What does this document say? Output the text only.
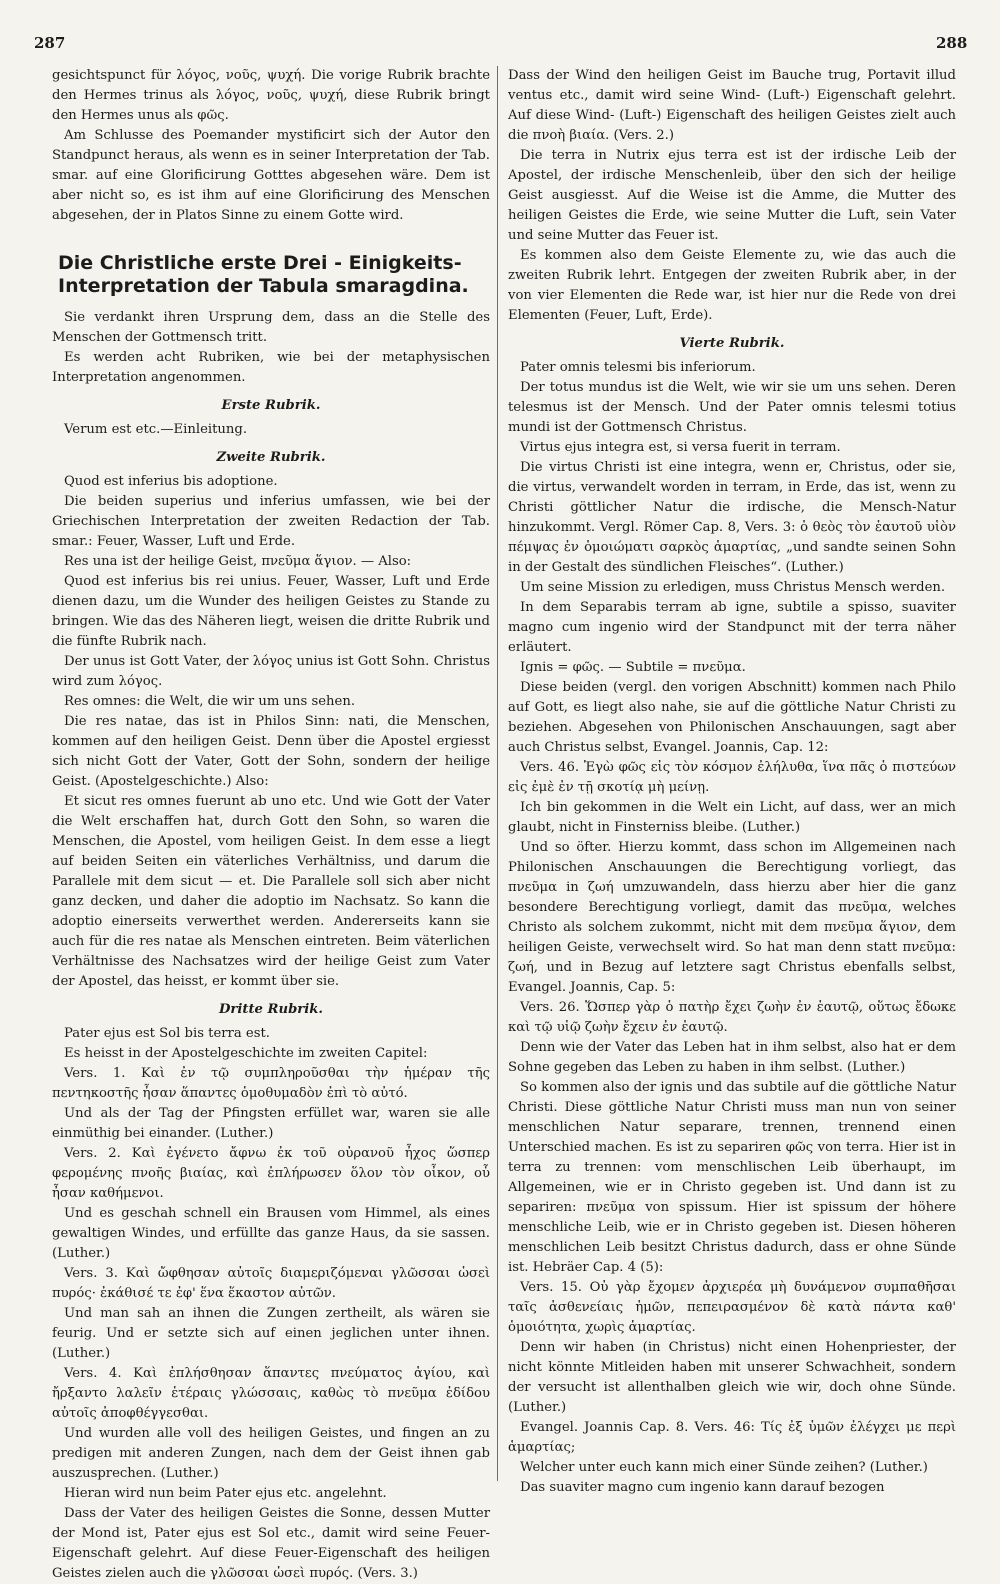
287	288

gesichtspunct für λόγος, νοῦς, ψυχή. Die vorige Rubrik brachte den Hermes trinus als λόγος, νοῦς, ψυχή, diese Rubrik bringt den Hermes unus als φῶς.

Am Schlusse des Poemander mystificirt sich der Autor den Standpunct heraus, als wenn es in seiner Interpretation der Tab. smar. auf eine Glorificirung Gotttes abgesehen wäre. Dem ist aber nicht so, es ist ihm auf eine Glorificirung des Menschen abgesehen, der in Platos Sinne zu einem Gotte wird.

Die Christliche erste Drei - Einigkeits-Interpretation der Tabula smaragdina.

Sie verdankt ihren Ursprung dem, dass an die Stelle des Menschen der Gottmensch tritt.

Es werden acht Rubriken, wie bei der metaphysischen Interpretation angenommen.

Erste Rubrik.

Verum est etc.—Einleitung.

Zweite Rubrik.

Quod est inferius bis adoptione.

Die beiden superius und inferius umfassen, wie bei der Griechischen Interpretation der zweiten Redaction der Tab. smar.: Feuer, Wasser, Luft und Erde.

Res una ist der heilige Geist, πνεῦμα ἅγιον. — Also:

Quod est inferius bis rei unius. Feuer, Wasser, Luft und Erde dienen dazu, um die Wunder des heiligen Geistes zu Stande zu bringen. Wie das des Näheren liegt, weisen die dritte Rubrik und die fünfte Rubrik nach.

Der unus ist Gott Vater, der λόγος unius ist Gott Sohn. Christus wird zum λόγος.

Res omnes: die Welt, die wir um uns sehen.

Die res natae, das ist in Philos Sinn: nati, die Menschen, kommen auf den heiligen Geist. Denn über die Apostel ergiesst sich nicht Gott der Vater, Gott der Sohn, sondern der heilige Geist. (Apostelgeschichte.) Also:

Et sicut res omnes fuerunt ab uno etc. Und wie Gott der Vater die Welt erschaffen hat, durch Gott den Sohn, so waren die Menschen, die Apostel, vom heiligen Geist. In dem esse a liegt auf beiden Seiten ein väterliches Verhältniss, und darum die Parallele mit dem sicut — et. Die Parallele soll sich aber nicht ganz decken, und daher die adoptio im Nachsatz. So kann die adoptio einerseits verwerthet werden. Andererseits kann sie auch für die res natae als Menschen eintreten. Beim väterlichen Verhältnisse des Nachsatzes wird der heilige Geist zum Vater der Apostel, das heisst, er kommt über sie.

Dritte Rubrik.

Pater ejus est Sol bis terra est.

Es heisst in der Apostelgeschichte im zweiten Capitel:

Vers. 1. Καὶ ἐν τῷ συμπληροῦσθαι τὴν ἡμέραν τῆς πεντηκοστῆς ἦσαν ἅπαντες ὁμοθυμαδὸν ἐπὶ τὸ αὐτό.

Und als der Tag der Pfingsten erfüllet war, waren sie alle einmüthig bei einander. (Luther.)

Vers. 2. Καὶ ἐγένετο ἄφνω ἐκ τοῦ οὐρανοῦ ἦχος ὥσπερ φερομένης πνοῆς βιαίας, καὶ ἐπλήρωσεν ὅλον τὸν οἶκον, οὗ ἦσαν καθήμενοι.

Und es geschah schnell ein Brausen vom Himmel, als eines gewaltigen Windes, und erfüllte das ganze Haus, da sie sassen. (Luther.)

Vers. 3. Καὶ ὤφθησαν αὐτοῖς διαμεριζόμεναι γλῶσσαι ὡσεὶ πυρός· ἐκάθισέ τε ἐφ' ἕνα ἕκαστον αὐτῶν.

Und man sah an ihnen die Zungen zertheilt, als wären sie feurig. Und er setzte sich auf einen jeglichen unter ihnen. (Luther.)

Vers. 4. Καὶ ἐπλήσθησαν ἅπαντες πνεύματος ἁγίου, καὶ ἤρξαντο λαλεῖν ἑτέραις γλώσσαις, καθὼς τὸ πνεῦμα ἐδίδου αὐτοῖς ἀποφθέγγεσθαι.

Und wurden alle voll des heiligen Geistes, und fingen an zu predigen mit anderen Zungen, nach dem der Geist ihnen gab auszusprechen. (Luther.)

Hieran wird nun beim Pater ejus etc. angelehnt.

Dass der Vater des heiligen Geistes die Sonne, dessen Mutter der Mond ist, Pater ejus est Sol etc., damit wird seine Feuer-Eigenschaft gelehrt. Auf diese Feuer-Eigenschaft des heiligen Geistes zielen auch die γλῶσσαι ὡσεὶ πυρός. (Vers. 3.)

Dass der Wind den heiligen Geist im Bauche trug, Portavit illud ventus etc., damit wird seine Wind- (Luft-) Eigenschaft gelehrt. Auf diese Wind- (Luft-) Eigenschaft des heiligen Geistes zielt auch die πνοὴ βιαία. (Vers. 2.)

Die terra in Nutrix ejus terra est ist der irdische Leib der Apostel, der irdische Menschenleib, über den sich der heilige Geist ausgiesst. Auf die Weise ist die Amme, die Mutter des heiligen Geistes die Erde, wie seine Mutter die Luft, sein Vater und seine Mutter das Feuer ist.

Es kommen also dem Geiste Elemente zu, wie das auch die zweiten Rubrik lehrt. Entgegen der zweiten Rubrik aber, in der von vier Elementen die Rede war, ist hier nur die Rede von drei Elementen (Feuer, Luft, Erde).

Vierte Rubrik.

Pater omnis telesmi bis inferiorum.

Der totus mundus ist die Welt, wie wir sie um uns sehen. Deren telesmus ist der Mensch. Und der Pater omnis telesmi totius mundi ist der Gottmensch Christus.

Virtus ejus integra est, si versa fuerit in terram.

Die virtus Christi ist eine integra, wenn er, Christus, oder sie, die virtus, verwandelt worden in terram, in Erde, das ist, wenn zu Christi göttlicher Natur die irdische, die Mensch-Natur hinzukommt. Vergl. Römer Cap. 8, Vers. 3: ὁ θεὸς τὸν ἑαυτοῦ υἱὸν πέμψας ἐν ὁμοιώματι σαρκὸς ἁμαρτίας, „und sandte seinen Sohn in der Gestalt des sündlichen Fleisches“. (Luther.)

Um seine Mission zu erledigen, muss Christus Mensch werden.

In dem Separabis terram ab igne, subtile a spisso, suaviter magno cum ingenio wird der Standpunct mit der terra näher erläutert.

Ignis = φῶς. — Subtile = πνεῦμα.

Diese beiden (vergl. den vorigen Abschnitt) kommen nach Philo auf Gott, es liegt also nahe, sie auf die göttliche Natur Christi zu beziehen. Abgesehen von Philonischen Anschauungen, sagt aber auch Christus selbst, Evangel. Joannis, Cap. 12:

Vers. 46. Ἐγὼ φῶς εἰς τὸν κόσμον ἐλήλυθα, ἵνα πᾶς ὁ πιστεύων εἰς ἐμὲ ἐν τῇ σκοτίᾳ μὴ μείνῃ.

Ich bin gekommen in die Welt ein Licht, auf dass, wer an mich glaubt, nicht in Finsterniss bleibe. (Luther.)

Und so öfter. Hierzu kommt, dass schon im Allgemeinen nach Philonischen Anschauungen die Berechtigung vorliegt, das πνεῦμα in ζωή umzuwandeln, dass hierzu aber hier die ganz besondere Berechtigung vorliegt, damit das πνεῦμα, welches Christo als solchem zukommt, nicht mit dem πνεῦμα ἅγιον, dem heiligen Geiste, verwechselt wird. So hat man denn statt πνεῦμα: ζωή, und in Bezug auf letztere sagt Christus ebenfalls selbst, Evangel. Joannis, Cap. 5:

Vers. 26. Ὥσπερ γὰρ ὁ πατὴρ ἔχει ζωὴν ἐν ἑαυτῷ, οὕτως ἔδωκε καὶ τῷ υἱῷ ζωὴν ἔχειν ἐν ἑαυτῷ.

Denn wie der Vater das Leben hat in ihm selbst, also hat er dem Sohne gegeben das Leben zu haben in ihm selbst. (Luther.)

So kommen also der ignis und das subtile auf die göttliche Natur Christi. Diese göttliche Natur Christi muss man nun von seiner menschlichen Natur separare, trennen, trennend einen Unterschied machen. Es ist zu separiren φῶς von terra. Hier ist in terra zu trennen: vom menschlischen Leib überhaupt, im Allgemeinen, wie er in Christo gegeben ist. Und dann ist zu separiren: πνεῦμα von spissum. Hier ist spissum der höhere menschliche Leib, wie er in Christo gegeben ist. Diesen höheren menschlichen Leib besitzt Christus dadurch, dass er ohne Sünde ist. Hebräer Cap. 4 (5):

Vers. 15. Οὐ γὰρ ἔχομεν ἀρχιερέα μὴ δυνάμενον συμπαθῆσαι ταῖς ἀσθενείαις ἡμῶν, πεπειρασμένον δὲ κατὰ πάντα καθ' ὁμοιότητα, χωρὶς ἁμαρτίας.

Denn wir haben (in Christus) nicht einen Hohenpriester, der nicht könnte Mitleiden haben mit unserer Schwachheit, sondern der versucht ist allenthalben gleich wie wir, doch ohne Sünde. (Luther.)

Evangel. Joannis Cap. 8. Vers. 46: Τίς ἐξ ὑμῶν ἐλέγχει με περὶ ἁμαρτίας;

Welcher unter euch kann mich einer Sünde zeihen? (Luther.)

Das suaviter magno cum ingenio kann darauf bezogen
